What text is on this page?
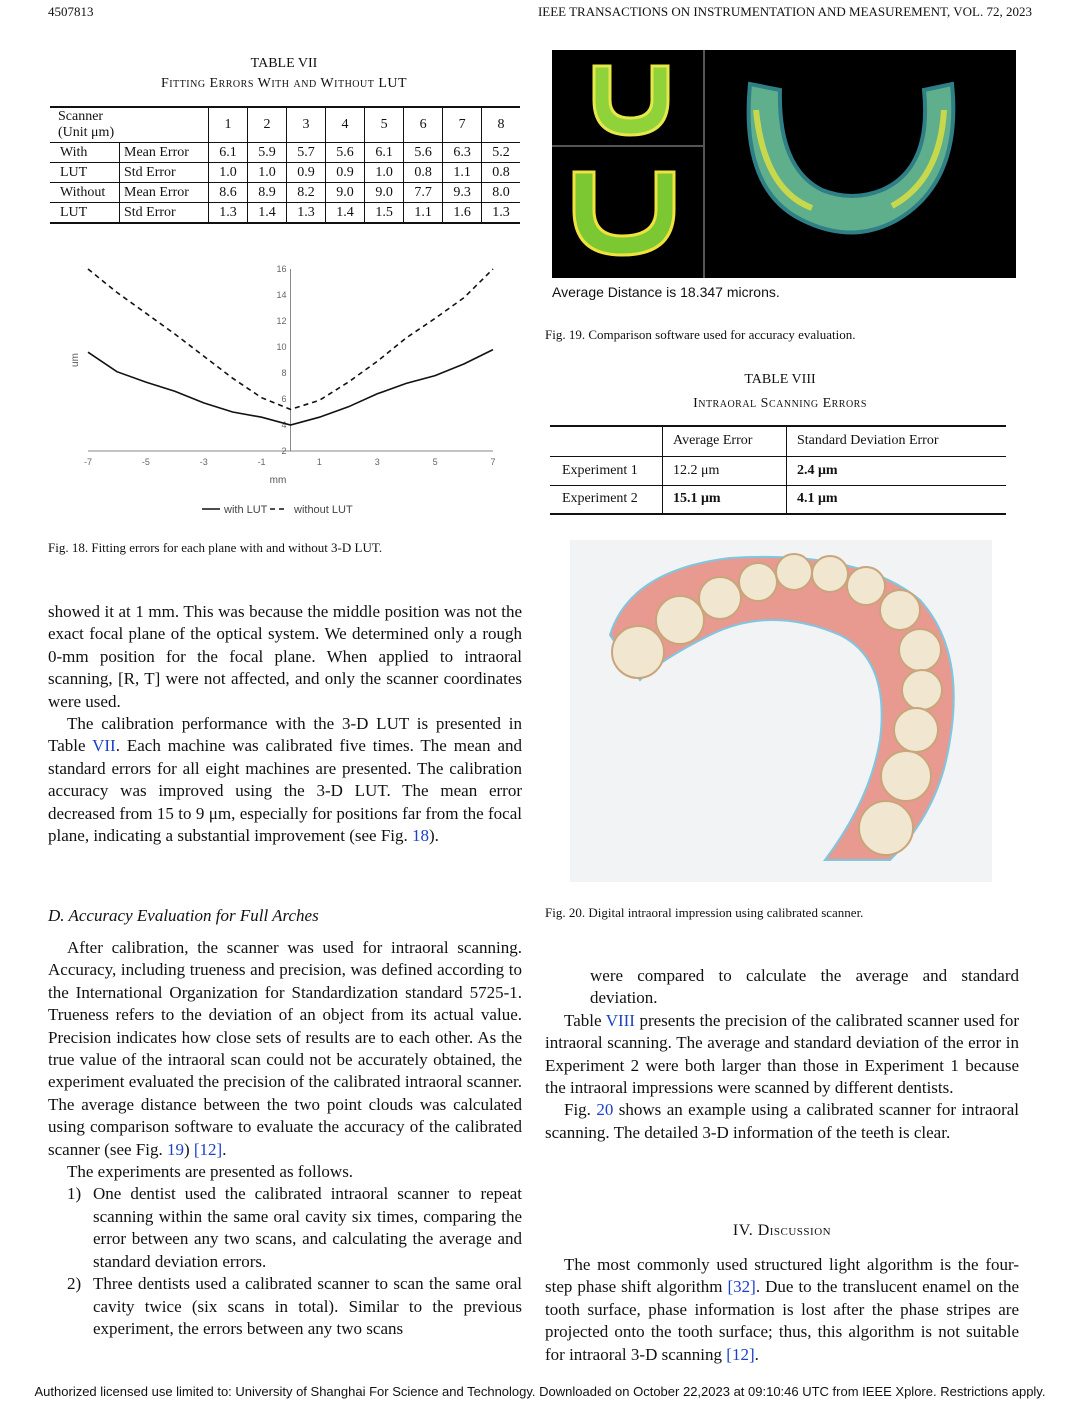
4507813	IEEE TRANSACTIONS ON INSTRUMENTATION AND MEASUREMENT, VOL. 72, 2023
TABLE VII
Fitting Errors With and Without LUT
Scanner
(Unit μm)		1	2	3	4	5	6	7	8
With	Mean Error	6.1	5.9	5.7	5.6	6.1	5.6	6.3	5.2
LUT	Std Error	1.0	1.0	0.9	0.9	1.0	0.8	1.1	0.8
Without	Mean Error	8.6	8.9	8.2	9.0	9.0	7.7	9.3	8.0
LUT	Std Error	1.3	1.4	1.3	1.4	1.5	1.1	1.6	1.3
2
4
6
8
10
12
14
16
-7	-5	-3	-1	1	3	5	7
mm
um
with LUT without LUT
Fig. 18. Fitting errors for each plane with and without 3-D LUT.
Average Distance is 18.347 microns.
Fig. 19. Comparison software used for accuracy evaluation.
TABLE VIII
Intraoral Scanning Errors
	Average Error	Standard Deviation Error
Experiment 1	12.2 μm	2.4 μm
Experiment 2	15.1 μm	4.1 μm
Fig. 20. Digital intraoral impression using calibrated scanner.

showed it at 1 mm. This was because the middle position was not the exact focal plane of the optical system. We determined only a rough 0-mm position for the focal plane. When applied to intraoral scanning, [R, T] were not affected, and only the scanner coordinates were used.

The calibration performance with the 3-D LUT is presented in Table VII. Each machine was calibrated five times. The mean and standard errors for all eight machines are presented. The calibration accuracy was improved using the 3-D LUT. The mean error decreased from 15 to 9 μm, especially for positions far from the focal plane, indicating a substantial improvement (see Fig. 18).

D. Accuracy Evaluation for Full Arches

After calibration, the scanner was used for intraoral scanning. Accuracy, including trueness and precision, was defined according to the International Organization for Standardization standard 5725-1. Trueness refers to the deviation of an object from its actual value. Precision indicates how close sets of results are to each other. As the true value of the intraoral scan could not be accurately obtained, the experiment evaluated the precision of the calibrated intraoral scanner. The average distance between the two point clouds was calculated using comparison software to evaluate the accuracy of the calibrated scanner (see Fig. 19) [12].

The experiments are presented as follows.

1) One dentist used the calibrated intraoral scanner to repeat scanning within the same oral cavity six times, comparing the error between any two scans, and calculating the average and standard deviation errors.
2) Three dentists used a calibrated scanner to scan the same oral cavity twice (six scans in total). Similar to the previous experiment, the errors between any two scans

were compared to calculate the average and standard deviation.

Table VIII presents the precision of the calibrated scanner used for intraoral scanning. The average and standard deviation of the error in Experiment 2 were both larger than those in Experiment 1 because the intraoral impressions were scanned by different dentists.

Fig. 20 shows an example using a calibrated scanner for intraoral scanning. The detailed 3-D information of the teeth is clear.

IV. Discussion

The most commonly used structured light algorithm is the four-step phase shift algorithm [32]. Due to the translucent enamel on the tooth surface, phase information is lost after the phase stripes are projected onto the tooth surface; thus, this algorithm is not suitable for intraoral 3-D scanning [12].

Authorized licensed use limited to: University of Shanghai For Science and Technology. Downloaded on October 22,2023 at 09:10:46 UTC from IEEE Xplore. Restrictions apply.
